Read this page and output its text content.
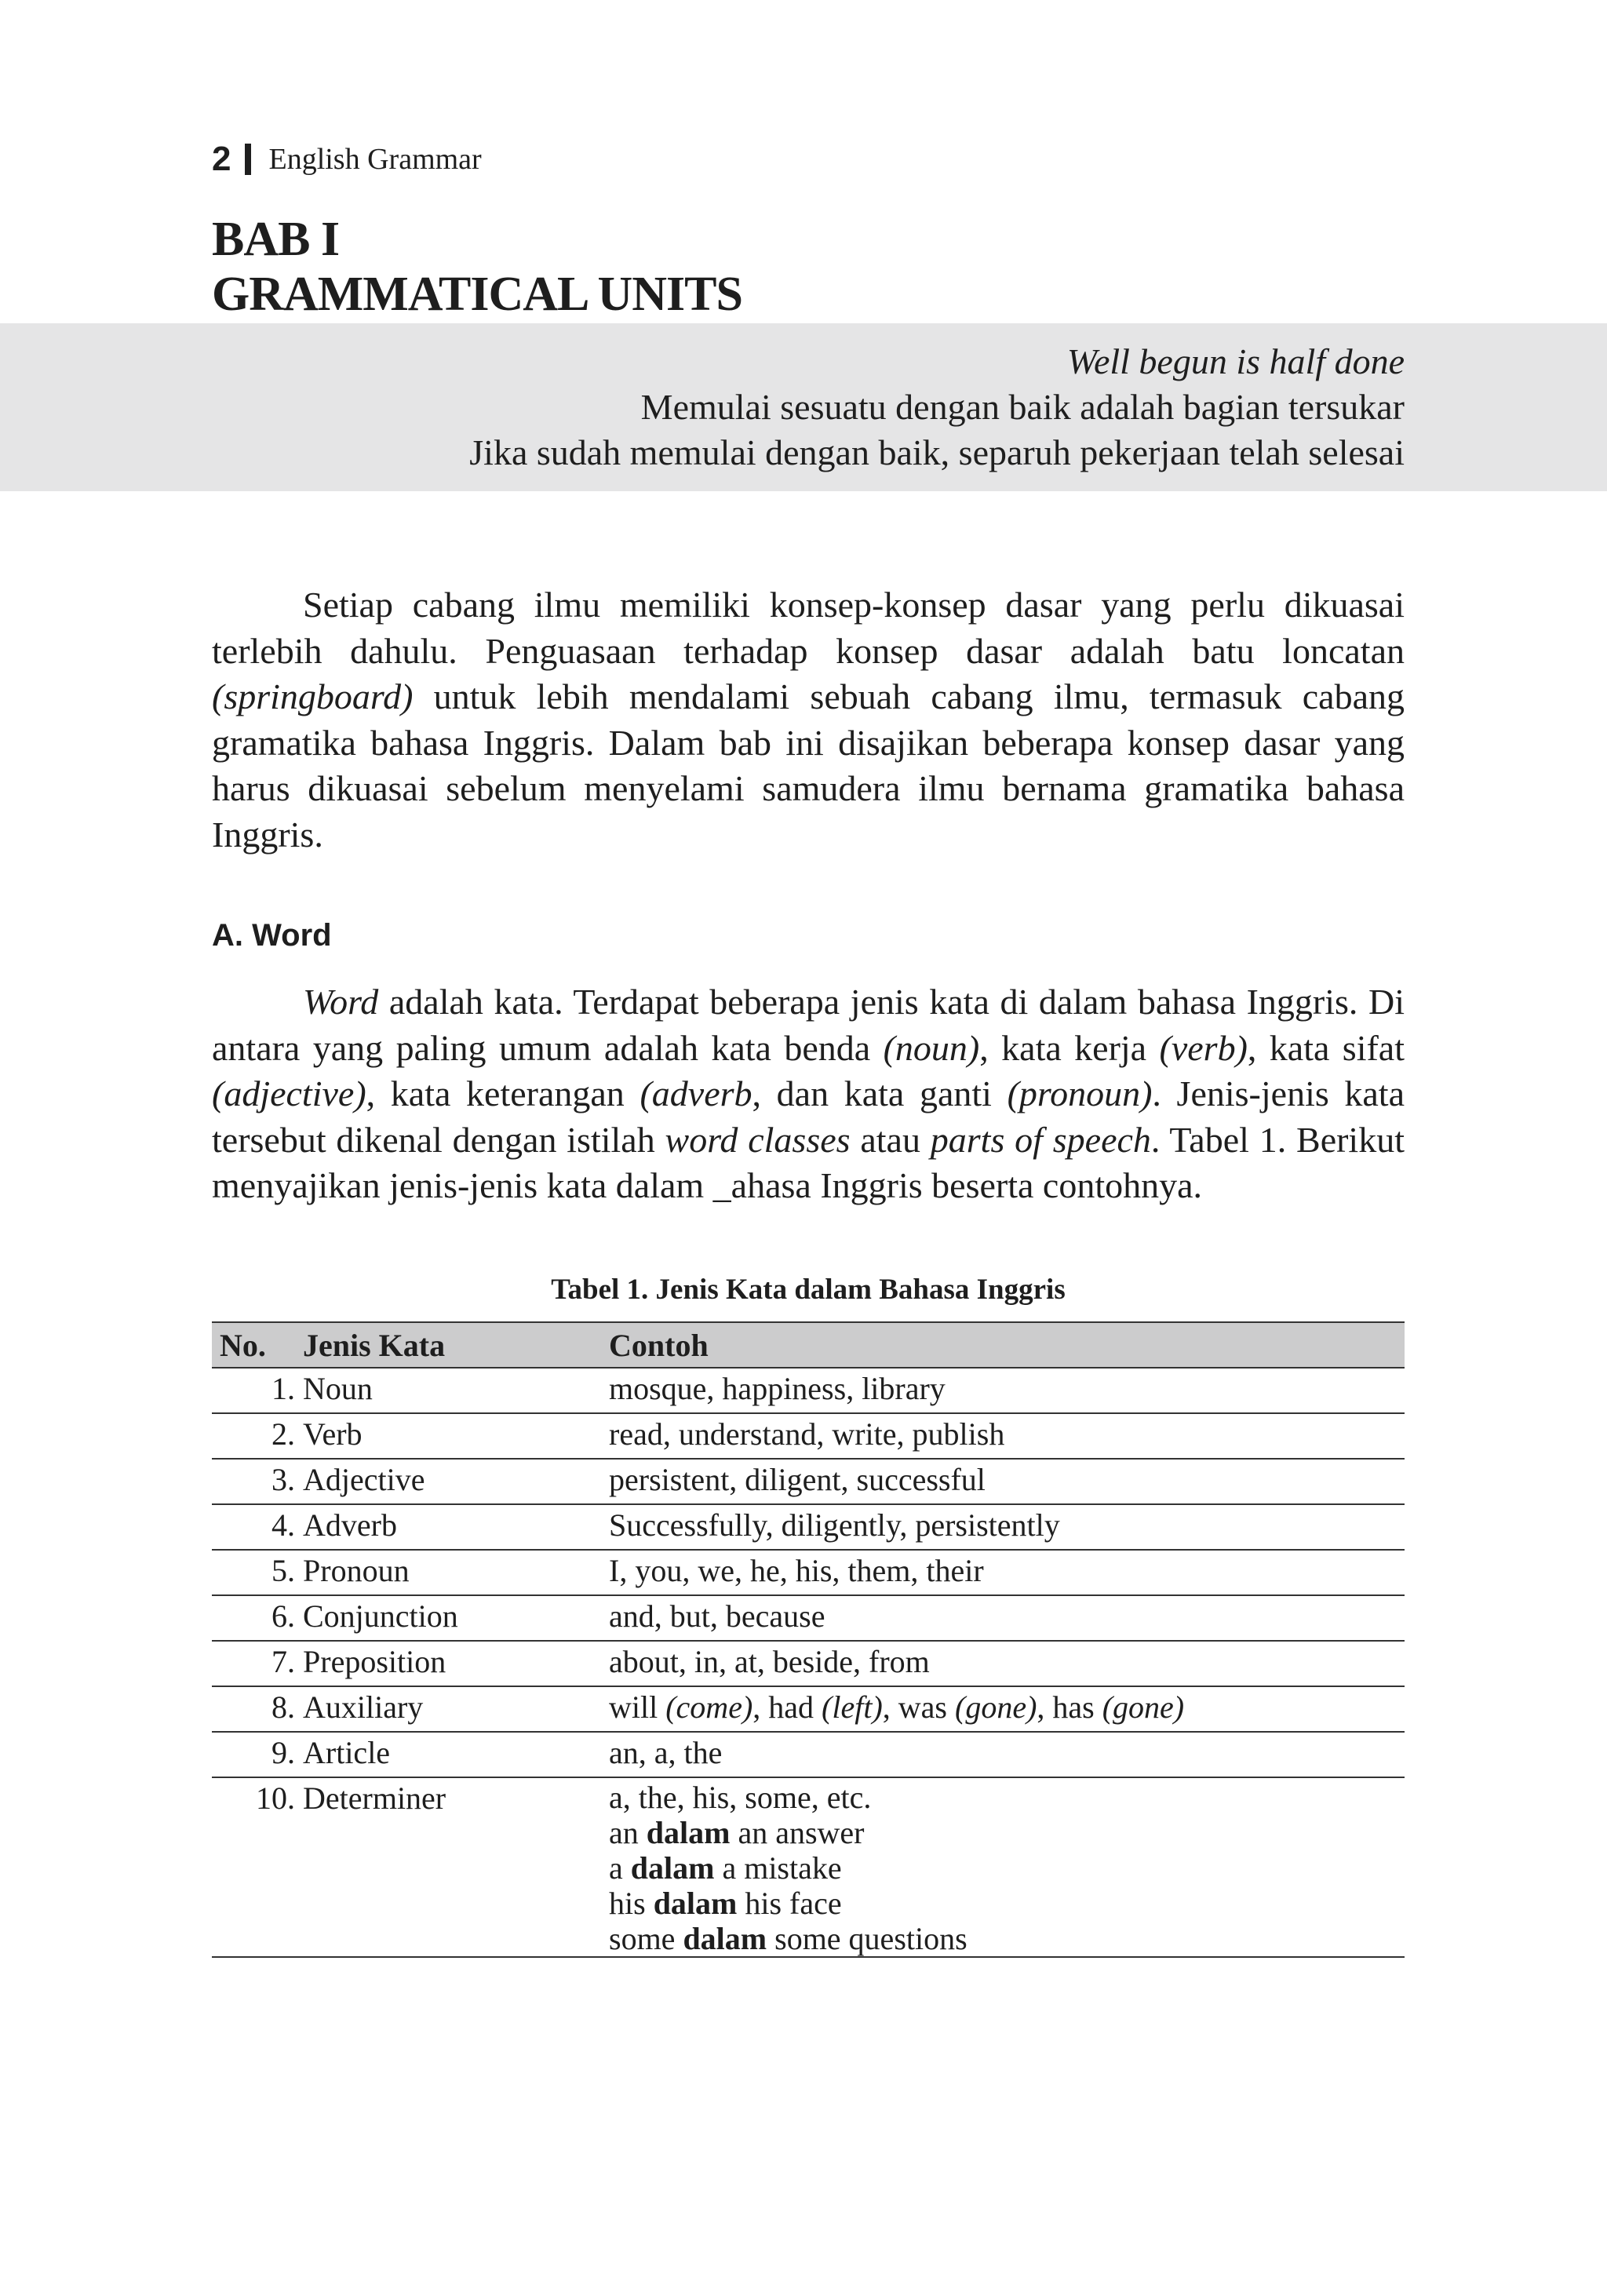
2 English Grammar
BAB I
GRAMMATICAL UNITS
Well begun is half done
Memulai sesuatu dengan baik adalah bagian tersukar
Jika sudah memulai dengan baik, separuh pekerjaan telah selesai

Setiap cabang ilmu memiliki konsep-konsep dasar yang perlu dikuasai terlebih dahulu. Penguasaan terhadap konsep dasar adalah batu loncatan (springboard) untuk lebih mendalami sebuah cabang ilmu, termasuk cabang gramatika bahasa Inggris. Dalam bab ini disajikan beberapa konsep dasar yang harus dikuasai sebelum menyelami samudera ilmu bernama gramatika bahasa Inggris.

A. Word

Word adalah kata. Terdapat beberapa jenis kata di dalam bahasa Inggris. Di antara yang paling umum adalah kata benda (noun), kata kerja (verb), kata sifat (adjective), kata keterangan (adverb, dan kata ganti (pronoun). Jenis-jenis kata tersebut dikenal dengan istilah word classes atau parts of speech. Tabel 1. Berikut menyajikan jenis-jenis kata dalam _ahasa Inggris beserta contohnya.

Tabel 1. Jenis Kata dalam Bahasa Inggris
No.	Jenis Kata	Contoh
1.	Noun	mosque, happiness, library
2.	Verb	read, understand, write, publish
3.	Adjective	persistent, diligent, successful
4.	Adverb	Successfully, diligently, persistently
5.	Pronoun	I, you, we, he, his, them, their
6.	Conjunction	and, but, because
7.	Preposition	about, in, at, beside, from
8.	Auxiliary	will (come), had (left), was (gone), has (gone)
9.	Article	an, a, the
10.	Determiner	a, the, his, some, etc.
an dalam an answer
a dalam a mistake
his dalam his face
some dalam some questions
